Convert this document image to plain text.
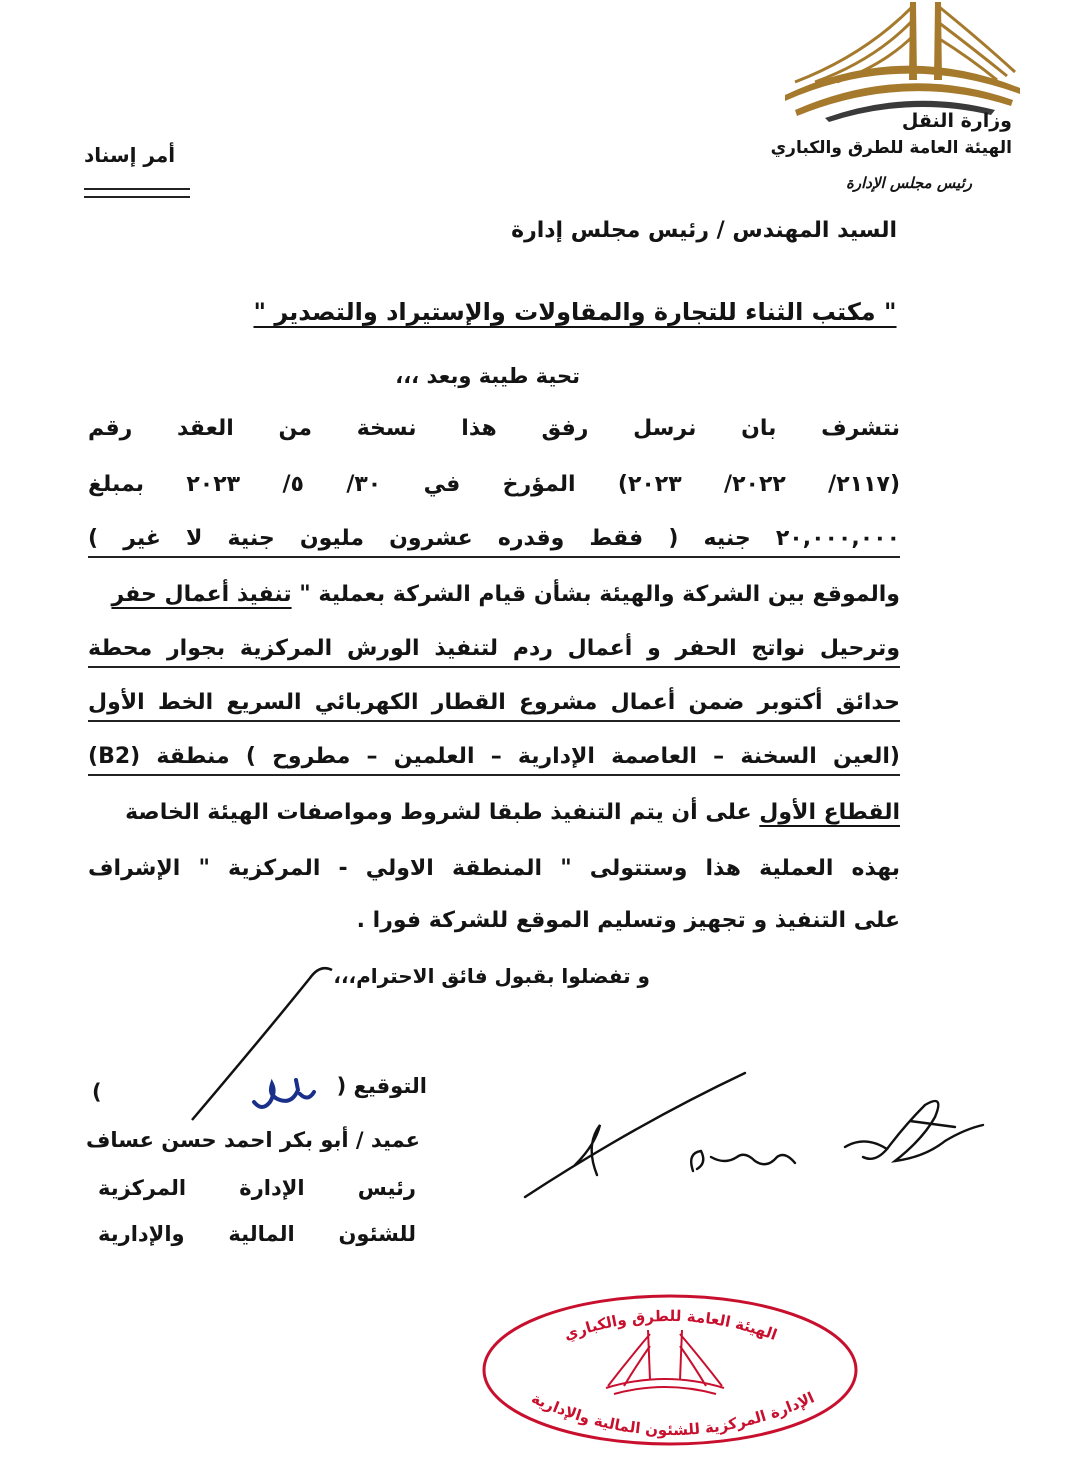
وزارة النقل
الهيئة العامة للطرق والكباري
رئيس مجلس الإدارة
أمر إسناد
السيد المهندس / رئيس مجلس إدارة
" مكتب الثناء للتجارة والمقاولات والإستيراد والتصدير "
تحية طيبة وبعد ،،،
نتشرف بان نرسل رفق هذا نسخة من العقد رقم
(٢١١٧/ ٢٠٢٢/ ٢٠٢٣) المؤرخ في ٣٠/ ٥/ ٢٠٢٣ بمبلغ
٢٠,٠٠٠,٠٠٠ جنيه ( فقط وقدره عشرون مليون جنية لا غير )
والموقع بين الشركة والهيئة بشأن قيام الشركة بعملية " تنفيذ أعمال حفر
وترحيل نواتج الحفر و أعمال ردم لتنفيذ الورش المركزية بجوار محطة
حدائق أكتوبر ضمن أعمال مشروع القطار الكهربائي السريع الخط الأول
(العين السخنة – العاصمة الإدارية – العلمين – مطروح ) منطقة (B2)
القطاع الأول على أن يتم التنفيذ طبقا لشروط ومواصفات الهيئة الخاصة
بهذه العملية هذا وستتولى " المنطقة الاولي - المركزية " الإشراف
على التنفيذ و تجهيز وتسليم الموقع للشركة فورا .
و تفضلوا بقبول فائق الاحترام،،،
التوقيع (
)
عميد / أبو بكر احمد حسن عساف
رئيس الإدارة المركزية
للشئون المالية والإدارية
الهيئة العامة للطرق والكباري
الإدارة المركزية للشئون المالية والإدارية
